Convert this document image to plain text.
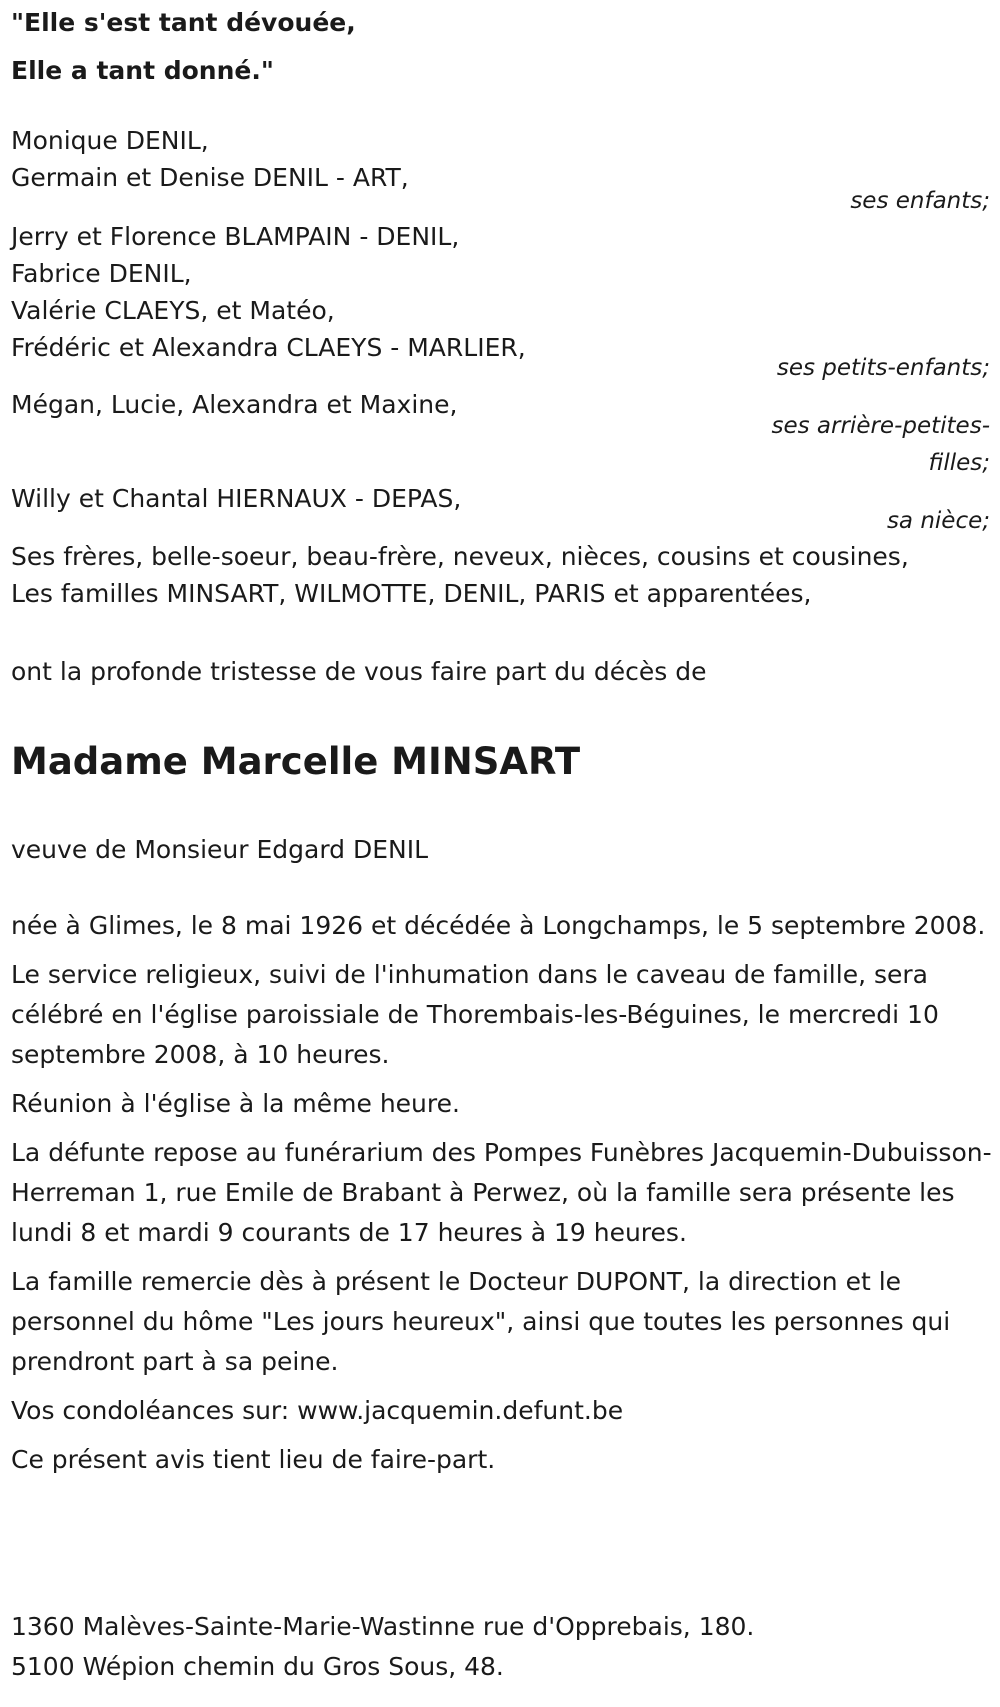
"Elle s'est tant dévouée,

Elle a tant donné."

Monique DENIL,

Germain et Denise DENIL - ART,

ses enfants;

Jerry et Florence BLAMPAIN - DENIL,

Fabrice DENIL,

Valérie CLAEYS, et Matéo,

Frédéric et Alexandra CLAEYS - MARLIER,

ses petits-enfants;

Mégan, Lucie, Alexandra et Maxine,

ses arrière-petites-

filles;

Willy et Chantal HIERNAUX - DEPAS,

sa nièce;

Ses frères, belle-soeur, beau-frère, neveux, nièces, cousins et cousines,

Les familles MINSART, WILMOTTE, DENIL, PARIS et apparentées,

ont la profonde tristesse de vous faire part du décès de

Madame Marcelle MINSART

veuve de Monsieur Edgard DENIL

née à Glimes, le 8 mai 1926 et décédée à Longchamps, le 5 septembre 2008.

Le service religieux, suivi de l'inhumation dans le caveau de famille, sera célébré en l'église paroissiale de Thorembais-les-Béguines, le mercredi 10 septembre 2008, à 10 heures.

Réunion à l'église à la même heure.

La défunte repose au funérarium des Pompes Funèbres Jacquemin-Dubuisson-Herreman 1, rue Emile de Brabant à Perwez, où la famille sera présente les lundi 8 et mardi 9 courants de 17 heures à 19 heures.

La famille remercie dès à présent le Docteur DUPONT, la direction et le personnel du hôme "Les jours heureux", ainsi que toutes les personnes qui prendront part à sa peine.

Vos condoléances sur: www.jacquemin.defunt.be

Ce présent avis tient lieu de faire-part.

1360 Malèves-Sainte-Marie-Wastinne rue d'Opprebais, 180.

5100 Wépion chemin du Gros Sous, 48.
